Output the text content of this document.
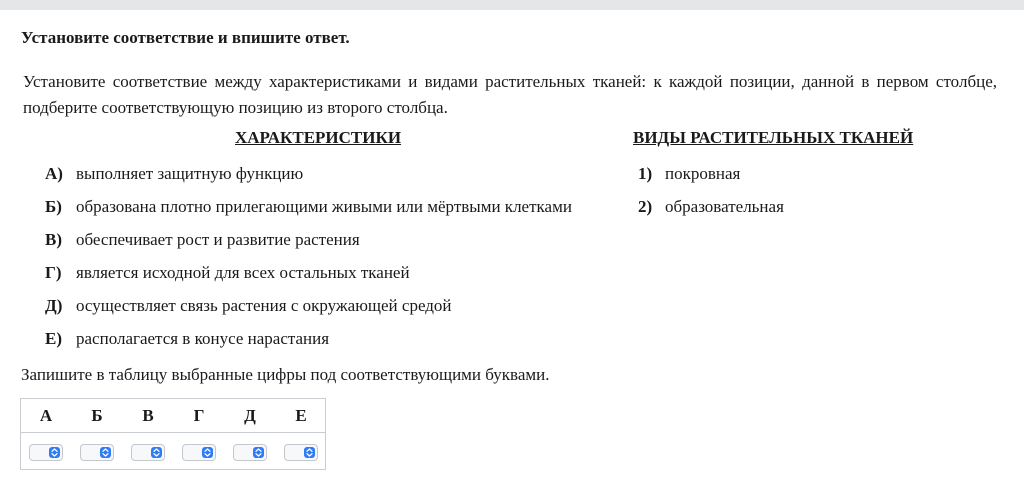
Установите соответствие и впишите ответ.
Установите соответствие между характеристиками и видами растительных тканей: к каждой позиции, данной в первом столбце, подберите соответствующую позицию из второго столбца.
ХАРАКТЕРИСТИКИ	ВИДЫ РАСТИТЕЛЬНЫХ ТКАНЕЙ
А) выполняет защитную функцию
Б) образована плотно прилегающими живыми или мёртвыми клетками
В) обеспечивает рост и развитие растения
Г) является исходной для всех остальных тканей
Д) осуществляет связь растения с окружающей средой
Е) располагается в конусе нарастания
1) покровная
2) образовательная
Запишите в таблицу выбранные цифры под соответствующими буквами.
А	Б	В	Г	Д	Е
